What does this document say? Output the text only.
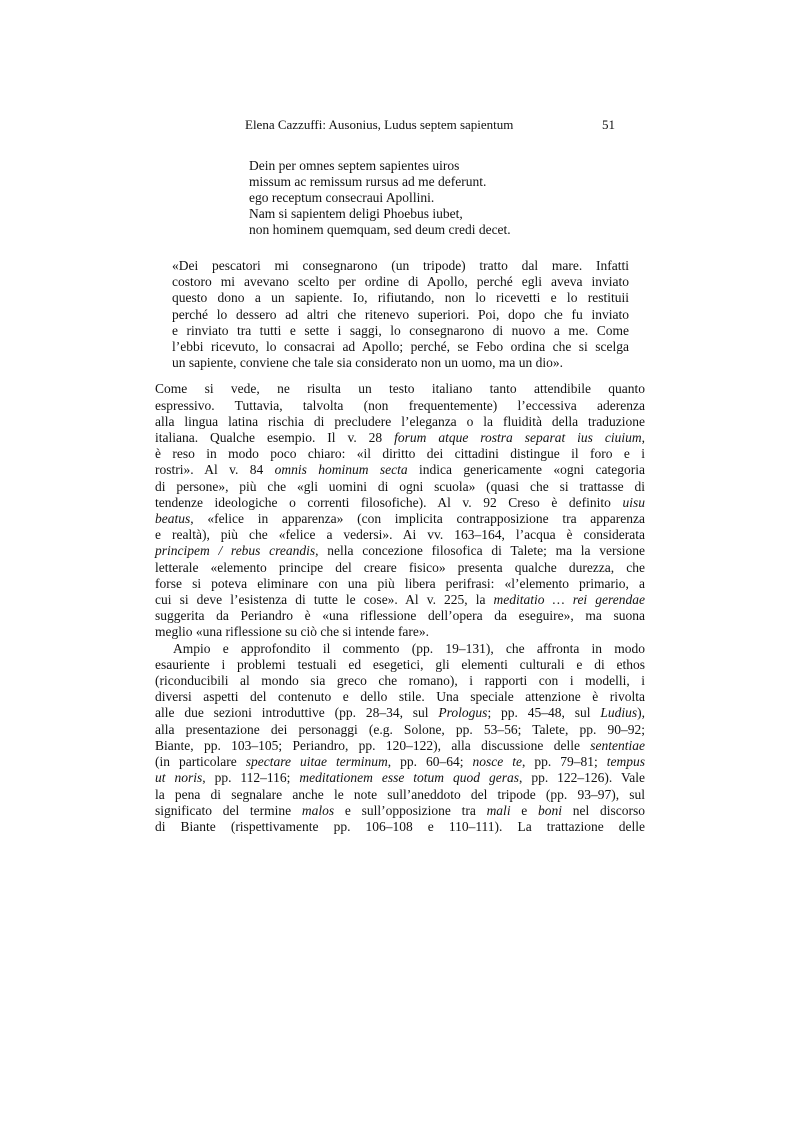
Elena Cazzuffi: Ausonius, Ludus septem sapientum	51
Dein per omnes septem sapientes uiros
missum ac remissum rursus ad me deferunt.
ego receptum consecraui Apollini.
Nam si sapientem deligi Phoebus iubet,
non hominem quemquam, sed deum credi decet.
«Dei pescatori mi consegnarono (un tripode) tratto dal mare. Infatti
costoro mi avevano scelto per ordine di Apollo, perché egli aveva inviato
questo dono a un sapiente. Io, rifiutando, non lo ricevetti e lo restituii
perché lo dessero ad altri che ritenevo superiori. Poi, dopo che fu inviato
e rinviato tra tutti e sette i saggi, lo consegnarono di nuovo a me. Come
l’ebbi ricevuto, lo consacrai ad Apollo; perché, se Febo ordina che si scelga
un sapiente, conviene che tale sia considerato non un uomo, ma un dio».
Come si vede, ne risulta un testo italiano tanto attendibile quanto
espressivo. Tuttavia, talvolta (non frequentemente) l’eccessiva aderenza
alla lingua latina rischia di precludere l’eleganza o la fluidità della traduzione
italiana. Qualche esempio. Il v. 28 forum atque rostra separat ius ciuium,
è reso in modo poco chiaro: «il diritto dei cittadini distingue il foro e i
rostri». Al v. 84 omnis hominum secta indica genericamente «ogni categoria
di persone», più che «gli uomini di ogni scuola» (quasi che si trattasse di
tendenze ideologiche o correnti filosofiche). Al v. 92 Creso è definito uisu
beatus, «felice in apparenza» (con implicita contrapposizione tra apparenza
e realtà), più che «felice a vedersi». Ai vv. 163–164, l’acqua è considerata
principem / rebus creandis, nella concezione filosofica di Talete; ma la versione
letterale «elemento principe del creare fisico» presenta qualche durezza, che
forse si poteva eliminare con una più libera perifrasi: «l’elemento primario, a
cui si deve l’esistenza di tutte le cose». Al v. 225, la meditatio … rei gerendae
suggerita da Periandro è «una riflessione dell’opera da eseguire», ma suona
meglio «una riflessione su ciò che si intende fare».
Ampio e approfondito il commento (pp. 19–131), che affronta in modo
esauriente i problemi testuali ed esegetici, gli elementi culturali e di ethos
(riconducibili al mondo sia greco che romano), i rapporti con i modelli, i
diversi aspetti del contenuto e dello stile. Una speciale attenzione è rivolta
alle due sezioni introduttive (pp. 28–34, sul Prologus; pp. 45–48, sul Ludius),
alla presentazione dei personaggi (e.g. Solone, pp. 53–56; Talete, pp. 90–92;
Biante, pp. 103–105; Periandro, pp. 120–122), alla discussione delle sententiae
(in particolare spectare uitae terminum, pp. 60–64; nosce te, pp. 79–81; tempus
ut noris, pp. 112–116; meditationem esse totum quod geras, pp. 122–126). Vale
la pena di segnalare anche le note sull’aneddoto del tripode (pp. 93–97), sul
significato del termine malos e sull’opposizione tra mali e boni nel discorso
di Biante (rispettivamente pp. 106–108 e 110–111). La trattazione delle
